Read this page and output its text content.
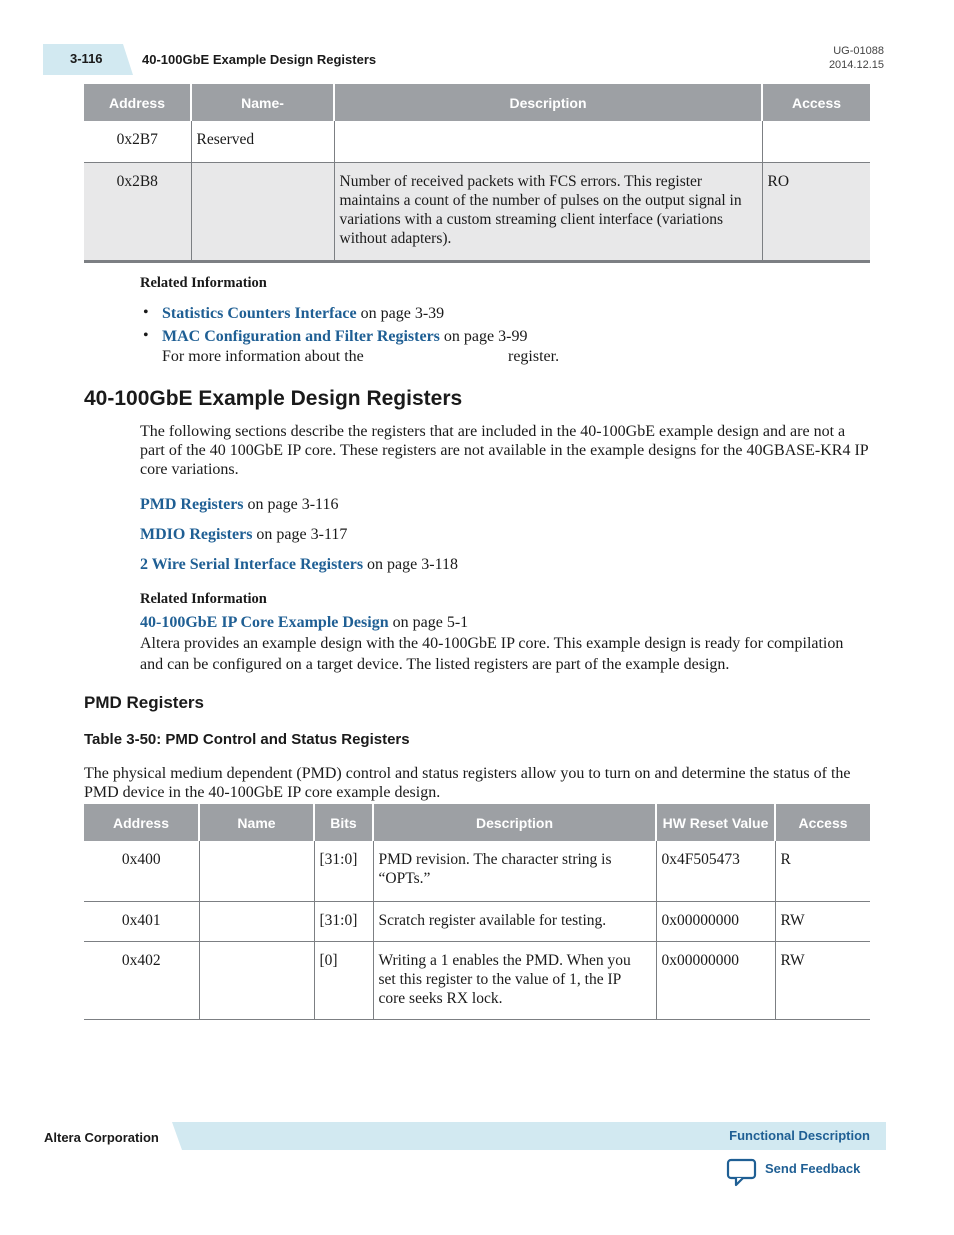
3-116	40-100GbE Example Design Registers
UG-01088
2014.12.15
Address	Name-	Description	Access
0x2B7	Reserved		
0x2B8		Number of received packets with FCS errors. This register maintains a count of the number of pulses on the output signal in variations with a custom streaming client interface (variations without adapters).	RO
Related Information
• Statistics Counters Interface on page 3-39
• MAC Configuration and Filter Registers on page 3-99
For more information about the	register.
40-100GbE Example Design Registers
The following sections describe the registers that are included in the 40-100GbE example design and are not a part of the 40 100GbE IP core. These registers are not available in the example designs for the 40GBASE-KR4 IP core variations.
PMD Registers on page 3-116
MDIO Registers on page 3-117
2 Wire Serial Interface Registers on page 3-118
Related Information
40-100GbE IP Core Example Design on page 5-1
Altera provides an example design with the 40-100GbE IP core. This example design is ready for compilation and can be configured on a target device. The listed registers are part of the example design.
PMD Registers
Table 3-50: PMD Control and Status Registers
The physical medium dependent (PMD) control and status registers allow you to turn on and determine the status of the PMD device in the 40-100GbE IP core example design.
Address	Name	Bits	Description	HW Reset Value	Access
0x400		[31:0]	PMD revision. The character string is “OPTs.”	0x4F505473	R
0x401		[31:0]	Scratch register available for testing.	0x00000000	RW
0x402		[0]	Writing a 1 enables the PMD. When you set this register to the value of 1, the IP core seeks RX lock.	0x00000000	RW
Altera Corporation	Functional Description
Send Feedback
